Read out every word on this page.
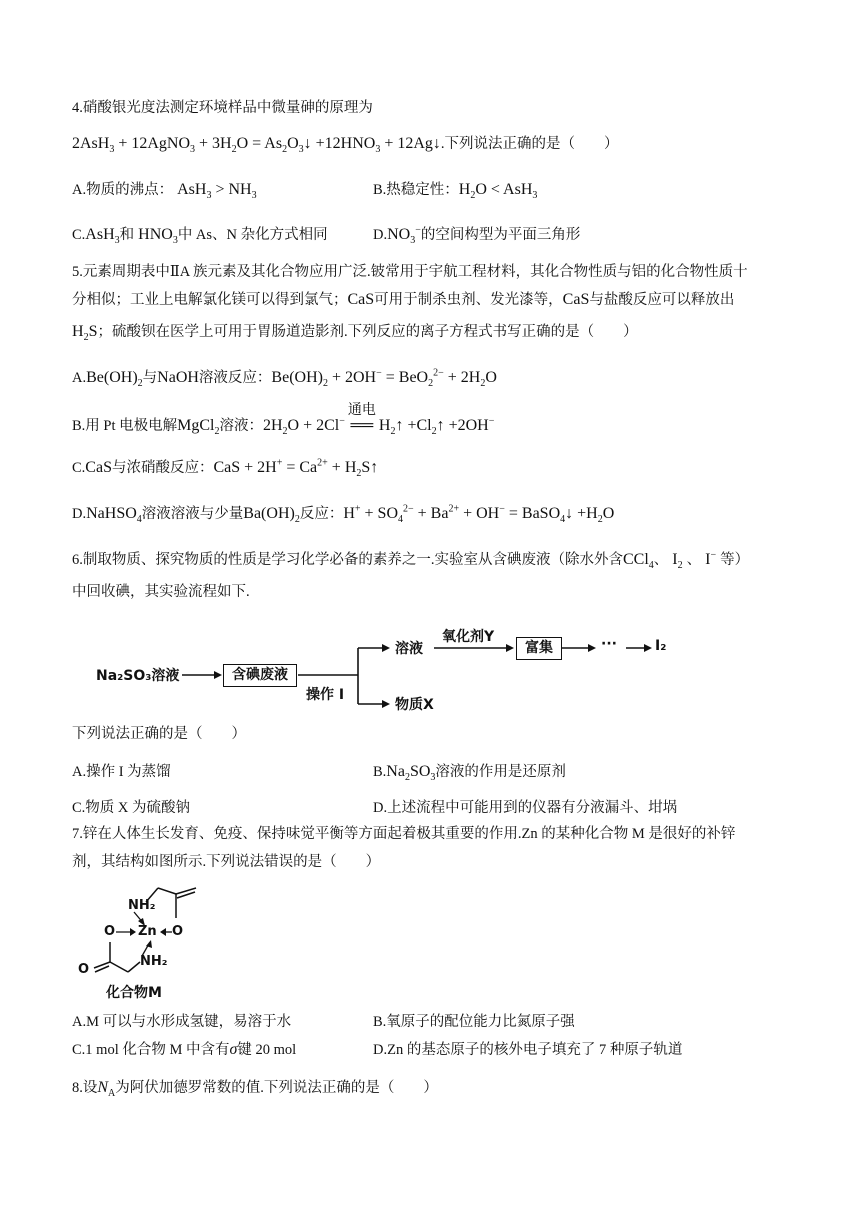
4.硝酸银光度法测定环境样品中微量砷的原理为
2AsH$_3$ + 12AgNO$_3$ + $3H_2O$ = $As_2O_3↓ +12HNO_3$ + 12Ag↓.下列说法正确的是（　　）
A.物质的沸点： $AsH_3 > NH_3$	B.热稳定性：$H_2O < AsH_3$
C.AsH$_3$和 $HNO_3$中 As、N 杂化方式相同	$D.NO_3^-$的空间构型为平面三角形
5.元素周期表中ⅡA 族元素及其化合物应用广泛.铍常用于宇航工程材料，其化合物性质与铝的化合物性质十
分相似；工业上电解氯化镁可以得到氯气；CaS可用于制杀虫剂、发光漆等，CaS与盐酸反应可以释放出
$H_2S$；硫酸钡在医学上可用于胃肠道造影剂.下列反应的离子方程式书写正确的是（　　）
$A.Be(OH)_2$与NaOH溶液反应：$Be(OH)_2 + 2OH^- = BeO_2^{2-} + 2H_2O$
B.用 Pt 电极电解MgCl$_2$溶液：$2H_2O + 2Cl^-$
通电
══ $H_2↑$ $+Cl_2↑ +2OH^-$
C.CaS与浓硝酸反应：CaS + $2H^+ = Ca^{2+}$ + $H_2S↑$
D.NaHSO$_4$溶液溶液与少量$Ba(OH)_2$反应：$H^+ + SO_4^{2-} + Ba^{2+} + OH^-$ = BaSO$_4$↓ $+H_2O$
6.制取物质、探究物质的性质是学习化学必备的素养之一.实验室从含碘废液（除水外含CCl$_4$、 $I_2$ 、 I− 等）
中回收碘，其实验流程如下.
Na₂SO₃溶液	含碘废液
操作 I
溶液
氧化剂Y
富集	···	I₂
物质X
下列说法正确的是（　　）
A.操作 I 为蒸馏	$B.Na_2SO_3$溶液的作用是还原剂
C.物质 X 为硫酸钠	D.上述流程中可能用到的仪器有分液漏斗、坩埚
7.锌在人体生长发育、免疫、保持味觉平衡等方面起着极其重要的作用.Zn 的某种化合物 M 是很好的补锌
剂，其结构如图所示.下列说法错误的是（　　）
NH₂
O Zn O
O
NH₂
化合物M
A.M 可以与水形成氢键，易溶于水	B.氧原子的配位能力比氮原子强
C.1 mol 化合物 M 中含有σ键 20 mol	D.Zn 的基态原子的核外电子填充了 7 种原子轨道
8.设$N_A$为阿伏加德罗常数的值.下列说法正确的是（　　）
